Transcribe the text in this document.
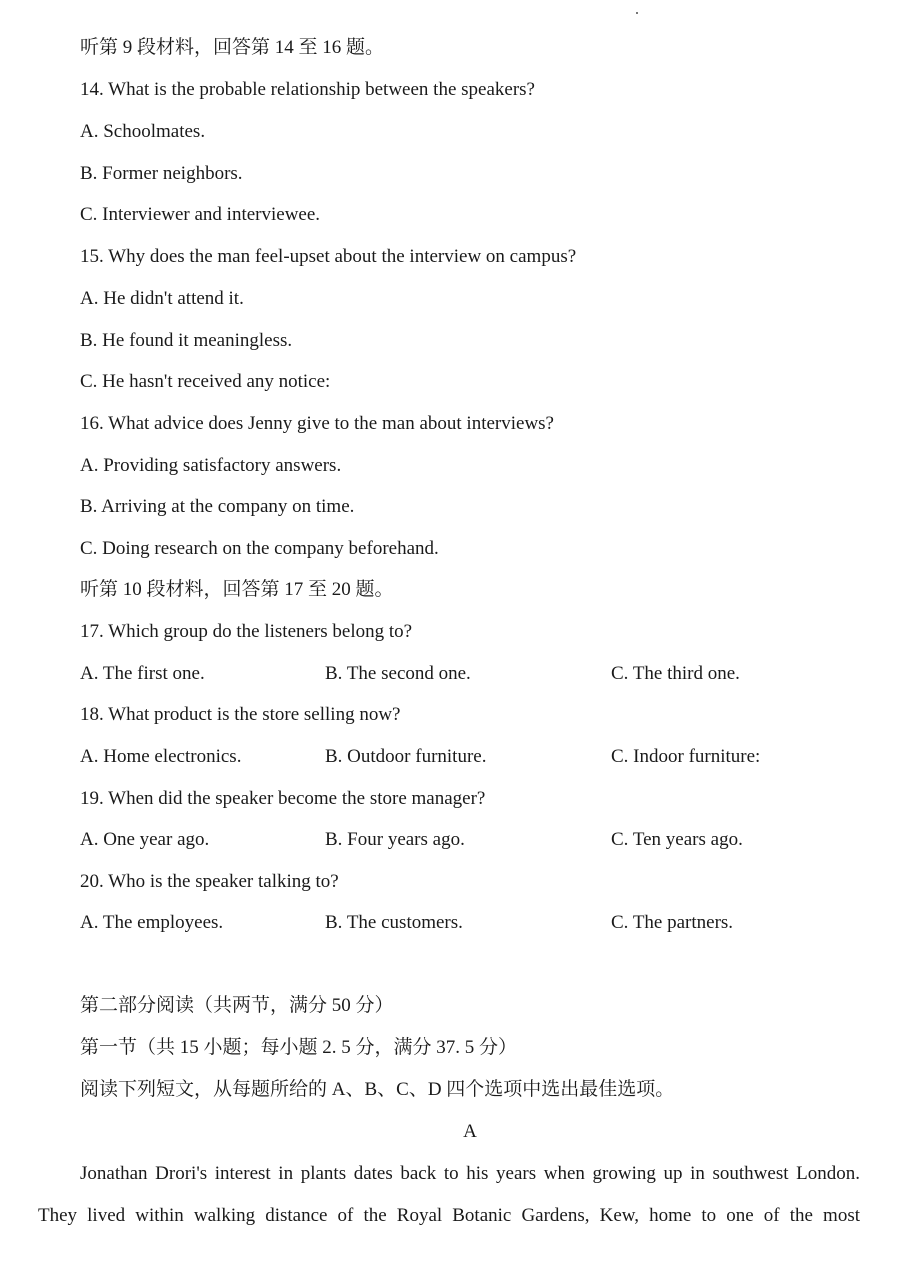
听第 9 段材料，回答第 14 至 16 题。
14. What is the probable relationship between the speakers?
A. Schoolmates.
B. Former neighbors.
C. Interviewer and interviewee.
15. Why does the man feel-upset about the interview on campus?
A. He didn't attend it.
B. He found it meaningless.
C. He hasn't received any notice:
16. What advice does Jenny give to the man about interviews?
A. Providing satisfactory answers.
B. Arriving at the company on time.
C. Doing research on the company beforehand.
听第 10 段材料，回答第 17 至 20 题。
17. Which group do the listeners belong to?
A. The first one.	B. The second one.	C. The third one.
18. What product is the store selling now?
A. Home electronics.	B. Outdoor furniture.	C. Indoor furniture:
19. When did the speaker become the store manager?
A. One year ago.	B. Four years ago.	C. Ten years ago.
20. Who is the speaker talking to?
A. The employees.	B. The customers.	C. The partners.
第二部分阅读（共两节，满分 50 分）
第一节（共 15 小题；每小题 2. 5 分，满分 37. 5 分）
阅读下列短文，从每题所给的 A、B、C、D 四个选项中选出最佳选项。
A
Jonathan Drori's interest in plants dates back to his years when growing up in southwest London.
They lived within walking distance of the Royal Botanic Gardens, Kew, home to one of the most
